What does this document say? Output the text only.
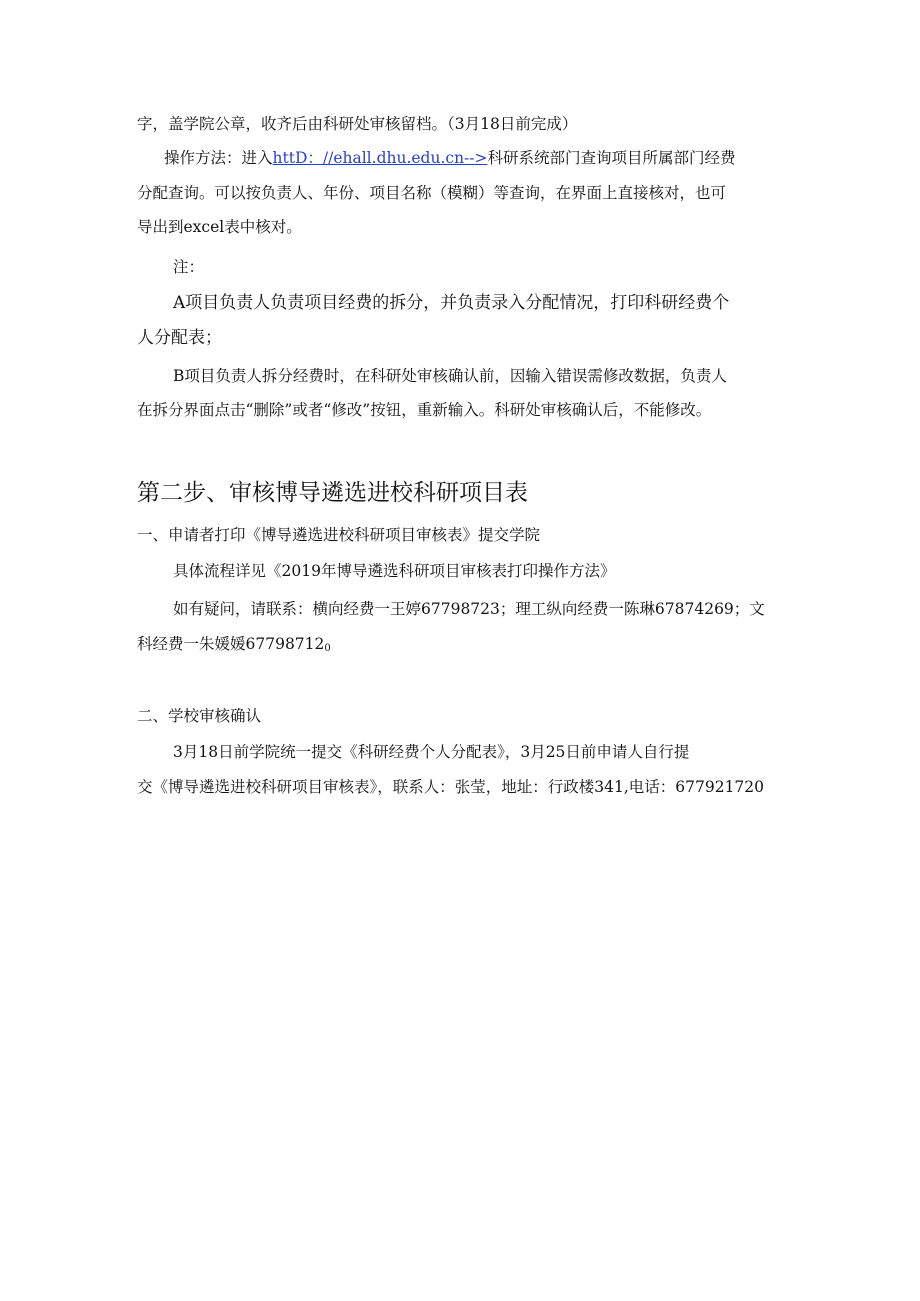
字，盖学院公章，收齐后由科研处审核留档。（3月18日前完成）
操作方法：进入httD：//ehall.dhu.edu.cn-->科研系统部门查询项目所属部门经费
分配查询。可以按负责人、年份、项目名称（模糊）等查询，在界面上直接核对，也可
导出到excel表中核对。
注：
A项目负责人负责项目经费的拆分，并负责录入分配情况，打印科研经费个
人分配表；
B项目负责人拆分经费时，在科研处审核确认前，因输入错误需修改数据，负责人
在拆分界面点击“删除”或者“修改”按钮，重新输入。科研处审核确认后，不能修改。
第二步、审核博导遴选进校科研项目表
一、申请者打印《博导遴选进校科研项目审核表》提交学院
具体流程详见《2019年博导遴选科研项目审核表打印操作方法》
如有疑问，请联系：横向经费一王婷67798723；理工纵向经费一陈琳67874269；文
科经费一朱媛媛$67798712_0$
二、学校审核确认
3月18日前学院统一提交《科研经费个人分配表》，3月25日前申请人自行提
交《博导遴选进校科研项目审核表》，联系人：张莹，地址：行政楼341,电话：677921720
